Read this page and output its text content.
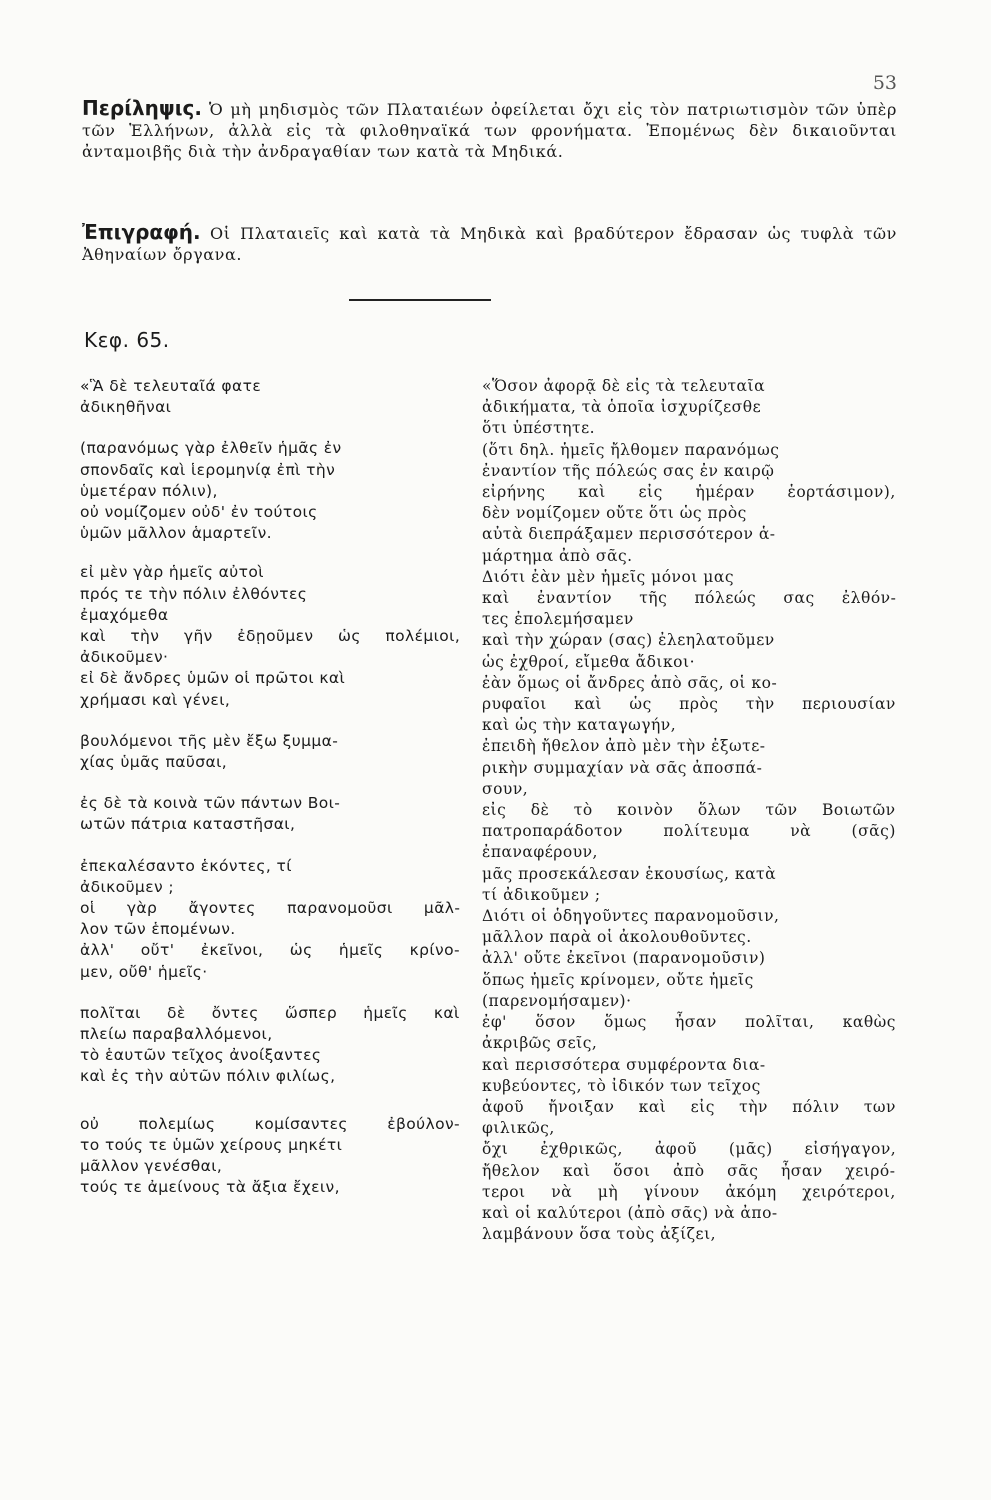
53
Περίληψις. Ὁ μὴ μηδισμὸς τῶν Πλαταιέων ὀφείλεται ὄχι εἰς τὸν πατριωτισμὸν τῶν ὑπὲρ τῶν Ἑλλήνων, ἀλλὰ εἰς τὰ φιλοθηναϊκά των φρονήματα. Ἐπομένως δὲν δικαιοῦνται ἀνταμοιβῆς διὰ τὴν ἀνδραγαθίαν των κατὰ τὰ Μηδικά.
Ἐπιγραφή. Οἱ Πλαταιεῖς καὶ κατὰ τὰ Μηδικὰ καὶ βραδύτερον ἔδρασαν ὡς τυφλὰ τῶν Ἀθηναίων ὄργανα.
Κεφ. 65.
«Ἃ δὲ τελευταῖά φατε
ἀδικηθῆναι
(παρανόμως γὰρ ἐλθεῖν ἡμᾶς ἐν
σπονδαῖς καὶ ἱερομηνίᾳ ἐπὶ τὴν
ὑμετέραν πόλιν),
οὐ νομίζομεν οὐδ' ἐν τούτοις
ὑμῶν μᾶλλον ἁμαρτεῖν.
εἰ μὲν γὰρ ἡμεῖς αὐτοὶ
πρός τε τὴν πόλιν ἐλθόντες
ἐμαχόμεθα
καὶ τὴν γῆν ἐδῃοῦμεν ὡς πολέμιοι,
ἀδικοῦμεν·
εἰ δὲ ἄνδρες ὑμῶν οἱ πρῶτοι καὶ
χρήμασι καὶ γένει,
βουλόμενοι τῆς μὲν ἔξω ξυμμα-
χίας ὑμᾶς παῦσαι,
ἐς δὲ τὰ κοινὰ τῶν πάντων Βοι-
ωτῶν πάτρια καταστῆσαι,
ἐπεκαλέσαντο ἑκόντες, τί
ἀδικοῦμεν ;
οἱ γὰρ ἄγοντες παρανομοῦσι μᾶλ-
λον τῶν ἑπομένων.
ἀλλ' οὔτ' ἐκεῖνοι, ὡς ἡμεῖς κρίνο-
μεν, οὔθ' ἡμεῖς·
πολῖται δὲ ὄντες ὥσπερ ἡμεῖς καὶ
πλείω παραβαλλόμενοι,
τὸ ἑαυτῶν τεῖχος ἀνοίξαντες
καὶ ἐς τὴν αὐτῶν πόλιν φιλίως,
οὐ πολεμίως κομίσαντες ἐβούλον-
το τούς τε ὑμῶν χείρους μηκέτι
μᾶλλον γενέσθαι,
τούς τε ἀμείνους τὰ ἄξια ἔχειν,
«Ὅσον ἀφορᾷ δὲ εἰς τὰ τελευταῖα
ἀδικήματα, τὰ ὁποῖα ἰσχυρίζεσθε
ὅτι ὑπέστητε.
(ὅτι δηλ. ἡμεῖς ἤλθομεν παρανόμως
ἐναντίον τῆς πόλεώς σας ἐν καιρῷ
εἰρήνης καὶ εἰς ἡμέραν ἑορτάσιμον),
δὲν νομίζομεν οὔτε ὅτι ὡς πρὸς
αὐτὰ διεπράξαμεν περισσότερον ἁ-
μάρτημα ἀπὸ σᾶς.
Διότι ἐὰν μὲν ἡμεῖς μόνοι μας
καὶ ἐναντίον τῆς πόλεώς σας ἐλθόν-
τες ἐπολεμήσαμεν
καὶ τὴν χώραν (σας) ἐλεηλατοῦμεν
ὡς ἐχθροί, εἴμεθα ἄδικοι·
ἐὰν ὅμως οἱ ἄνδρες ἀπὸ σᾶς, οἱ κο-
ρυφαῖοι καὶ ὡς πρὸς τὴν περιουσίαν
καὶ ὡς τὴν καταγωγήν,
ἐπειδὴ ἤθελον ἀπὸ μὲν τὴν ἐξωτε-
ρικὴν συμμαχίαν νὰ σᾶς ἀποσπά-
σουν,
εἰς δὲ τὸ κοινὸν ὅλων τῶν Βοιωτῶν
πατροπαράδοτον πολίτευμα νὰ (σᾶς)
ἐπαναφέρουν,
μᾶς προσεκάλεσαν ἑκουσίως, κατὰ
τί ἀδικοῦμεν ;
Διότι οἱ ὁδηγοῦντες παρανομοῦσιν,
μᾶλλον παρὰ οἱ ἀκολουθοῦντες.
ἀλλ' οὔτε ἐκεῖνοι (παρανομοῦσιν)
ὅπως ἡμεῖς κρίνομεν, οὔτε ἡμεῖς
(παρενομήσαμεν)·
ἐφ' ὅσον ὅμως ἦσαν πολῖται, καθὼς
ἀκριβῶς σεῖς,
καὶ περισσότερα συμφέροντα δια-
κυβεύοντες, τὸ ἰδικόν των τεῖχος
ἀφοῦ ἤνοιξαν καὶ εἰς τὴν πόλιν των
φιλικῶς,
ὄχι ἐχθρικῶς, ἀφοῦ (μᾶς) εἰσήγαγον,
ἤθελον καὶ ὅσοι ἀπὸ σᾶς ἦσαν χειρό-
τεροι νὰ μὴ γίνουν ἀκόμη χειρότεροι,
καὶ οἱ καλύτεροι (ἀπὸ σᾶς) νὰ ἀπο-
λαμβάνουν ὅσα τοὺς ἀξίζει,
